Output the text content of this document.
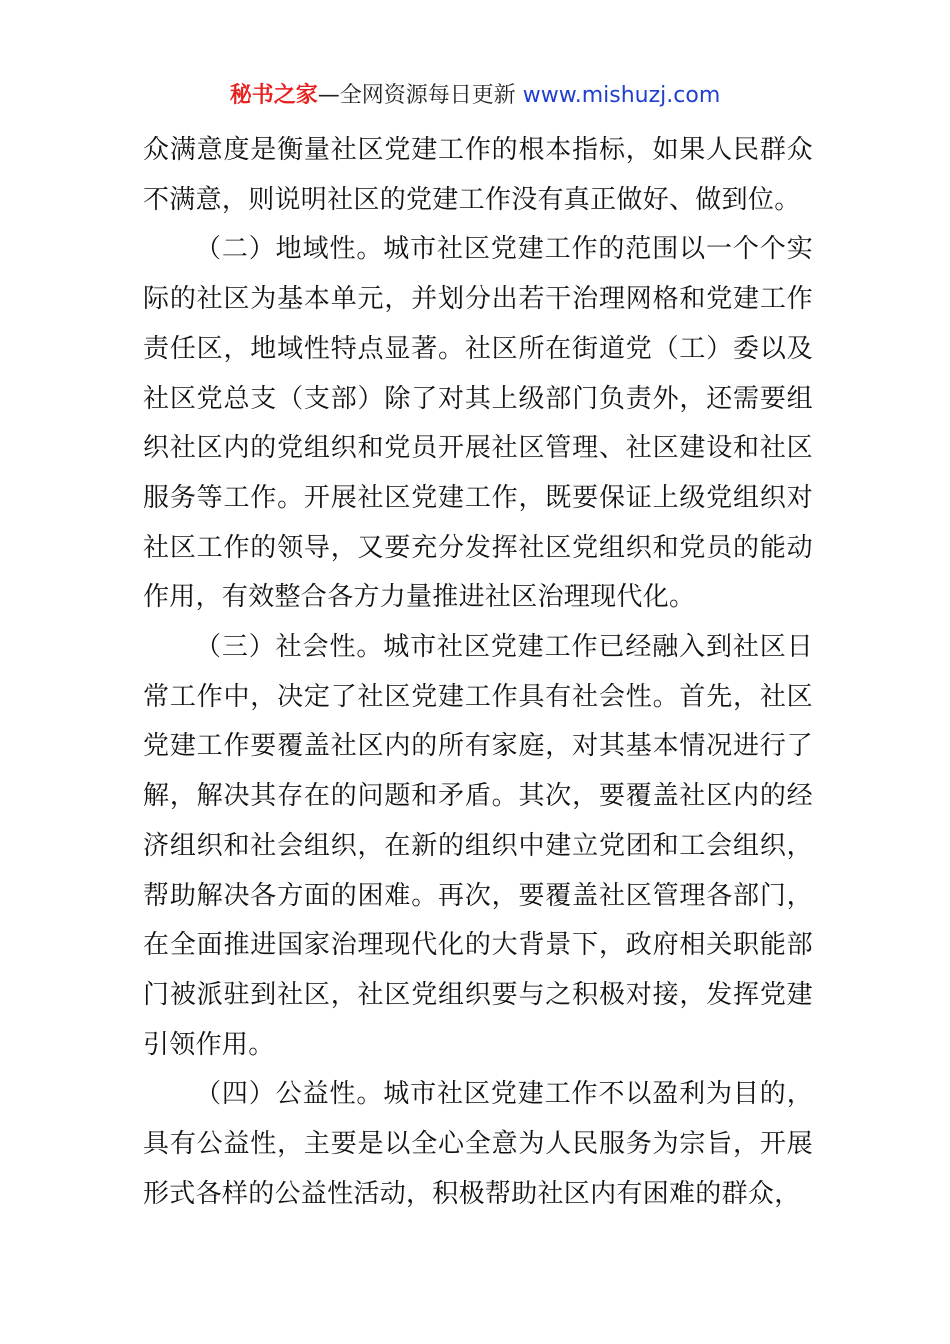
秘书之家—全网资源每日更新 www.mishuzj.com

众满意度是衡量社区党建工作的根本指标，如果人民群众不满意，则说明社区的党建工作没有真正做好、做到位。

（二）地域性。城市社区党建工作的范围以一个个实际的社区为基本单元，并划分出若干治理网格和党建工作责任区，地域性特点显著。社区所在街道党（工）委以及社区党总支（支部）除了对其上级部门负责外，还需要组织社区内的党组织和党员开展社区管理、社区建设和社区服务等工作。开展社区党建工作，既要保证上级党组织对社区工作的领导，又要充分发挥社区党组织和党员的能动作用，有效整合各方力量推进社区治理现代化。

（三）社会性。城市社区党建工作已经融入到社区日常工作中，决定了社区党建工作具有社会性。首先，社区党建工作要覆盖社区内的所有家庭，对其基本情况进行了解，解决其存在的问题和矛盾。其次，要覆盖社区内的经济组织和社会组织，在新的组织中建立党团和工会组织，帮助解决各方面的困难。再次，要覆盖社区管理各部门，在全面推进国家治理现代化的大背景下，政府相关职能部门被派驻到社区，社区党组织要与之积极对接，发挥党建引领作用。

（四）公益性。城市社区党建工作不以盈利为目的，具有公益性，主要是以全心全意为人民服务为宗旨，开展形式各样的公益性活动，积极帮助社区内有困难的群众，
